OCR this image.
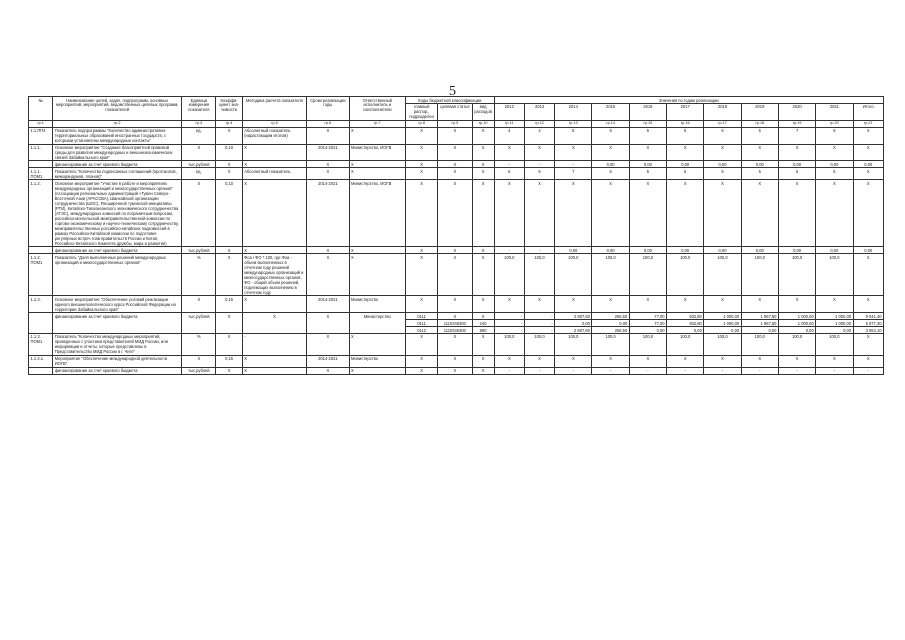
5
№	Наименование целей, задач, подпрограмм, основных мероприятий, мероприятий, ведомственных целевых программ, показателей	Единица измерения показателя	Коэффи-циент зна-чимости	Методика расчета показателя	Сроки реализации годы	Ответственный исполнитель и соисполнители	Коды бюджетной классификации			Значения по годам реализации										
							главный распор., подразделен	целевая статья	вид расходов	2012	2013	2014	2015	2016	2017	2018	2019	2020	2021	Итого
гр.1	гр.2	гр.3	гр.4	гр.5	гр.6	гр.7	гр.8	гр.9	гр.10	гр.11	гр.12	гр.13	гр.14	гр.15	гр.16	гр.17	гр.18	гр.19	гр.20	гр.21
1.1.ПП4	Показатель подпрограммы "Количество административно-территориальных образований иностранных государств, с которыми установлены международные контакты"	ед.	X	Абсолютный показатель (нарастающим итогом)	X	X	X	X	X	4	4	5	5	5	5	6	6	7	8	X
1.1.1.	Основное мероприятие "Создание благоприятной правовой среды для развития международных и внешнеэкономических связей Забайкальского края"	X	0,10	X	2014-2021	Министерство, ИОГВ	X	X	X	X	X	X	X	X	X	X	X	X	X	X
	финансирование за счет краевого бюджета	тыс.рублей	X	X	X	X	X	X	X	-	-	-	0,00	0,00	0,00	0,00	0,00	0,00	0,00	0,00
1.1.1. ПОМ1	Показатель "Количество подписанных соглашений (протоколов, меморандумов, планов)"	ед.	X	Абсолютный показатель	X	X	X	X	X	6	6	7	5	5	5	5	5	5	5	X
1.1.2.	Основное мероприятие "Участие в работе и мероприятиях международных организаций и межгосударственных органов" (Ассоциации региональных администраций «Тумэн Северо-Восточной Азии (АРАССВА), Шанхайской организации сотрудничества (ШОС), Расширенной тумэнской инициативы (РТИ), Китайско-Тихоокеанского экономического сотрудничества (АТЭС), международных комиссий по пограничным вопросам, российско-монгольской межправительственной комиссии по торгово-экономическому и научно-техническому сотрудничеству, межправительственных российско-китайских подкомиссий в рамках Российско-Китайской комиссии по подготовке регулярных встреч глав правительств России и Китая, Российско-Китайского Комитета дружбы, мира и развития)	X	0,10	X	2014-2021	Министерство, ИОГВ	X	X	X	X	X	X	X	X	X	X	X	X	X	X
	финансирование за счет краевого бюджета	тыс.рублей	X	X	X	X	X	X	X	-	-	0,00	0,00	0,00	0,00	0,00	0,00	0,00	0,00	0,00
1.1.2. ПОМ1	Показатель "Доля выполненных решений международных организаций и межгосударственных органов"	%	X	Фоа / ФО * 100, где Фоа - объем выполненных в отчетном году решений международных организаций и межгосударственных органов, ФО - общий объем решений, подлежащих выполнению в отчетном году	X	X	X	X	X	100,0	100,0	100,0	100,0	100,0	100,0	100,0	100,0	100,0	100,0	X
1.1.3.	Основное мероприятие "Обеспечение условий реализации единого внешнеполитического курса Российской Федерации на территории Забайкальского края"	X	0,15	X	2014-2021	Министерство	X	X	X	X	X	X	X	X	X	X	X	X	X	X
	финансирование за счет краевого бюджета	тыс.рублей	X	X	X	Министерство	0111	X	X	-	-	2 807,60	256,50	77,00	932,80	1 000,00	1 967,50	1 000,00	1 000,00	9 041,40
							0111	1110346300	240	-	-	0,00	0,00	77,00	932,80	1 000,00	1 967,50	1 000,00	1 000,00	5 977,30
							0112	1110346300	880	-	-	2 807,60	256,50	0,00	0,00	0,00	0,00	0,00	0,00	3 064,10
1.1.3. ПОМ1	Показатель "Количество международных мероприятий, проведенных с участием представителей МИД России, или информации и отчеты, которые представлены в Представительство МИД России в г. Чите"	%	X	-	X	X	X	X	X	100,0	100,0	100,0	100,0	100,0	100,0	100,0	100,0	100,0	100,0	X
1.1.4.1.	Мероприятие "Обеспечение международной деятельности ИОГВ"	X	0,15	X	2014-2021	Министерство	X	X	X	X	X	X	X	X	X	X	X	X	X	X
	финансирование за счет краевого бюджета	тыс.рублей	X	X	X	X	X	X	X	-	-	-	-	-	-	-	-	-	-	-
